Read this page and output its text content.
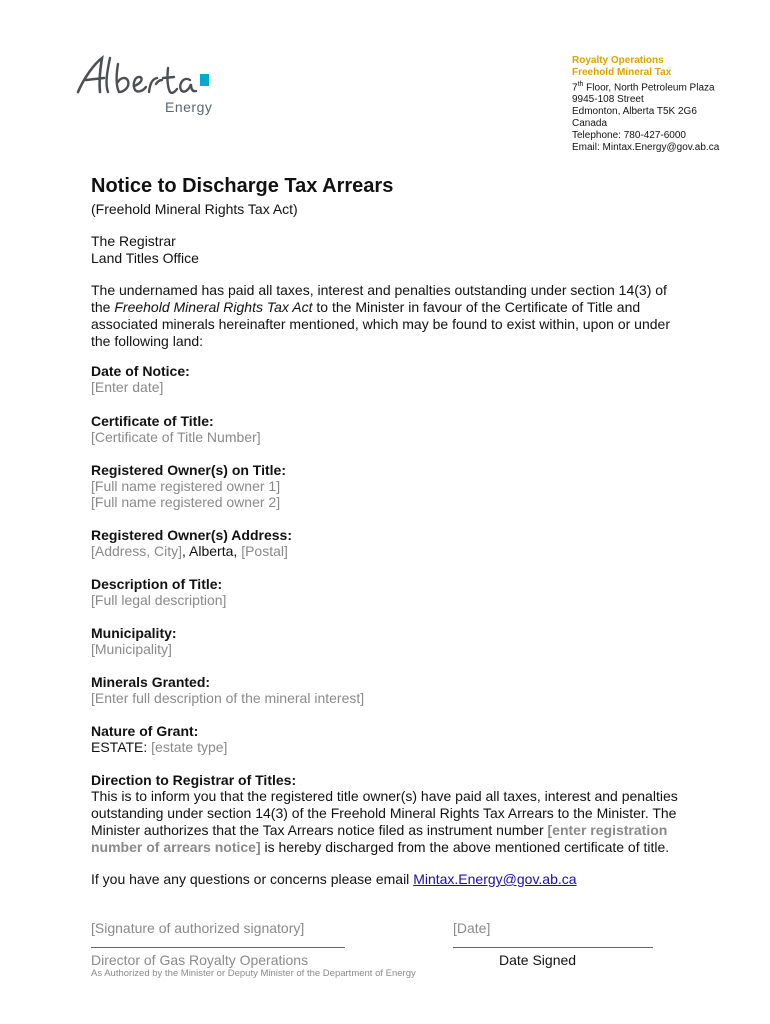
Energy
Royalty Operations
Freehold Mineral Tax
7th Floor, North Petroleum Plaza
9945-108 Street
Edmonton, Alberta T5K 2G6
Canada
Telephone: 780-427-6000
Email: Mintax.Energy@gov.ab.ca
Notice to Discharge Tax Arrears
(Freehold Mineral Rights Tax Act)
The Registrar
Land Titles Office
The undernamed has paid all taxes, interest and penalties outstanding under section 14(3) of
the Freehold Mineral Rights Tax Act to the Minister in favour of the Certificate of Title and
associated minerals hereinafter mentioned, which may be found to exist within, upon or under
the following land:
Date of Notice:
[Enter date]
Certificate of Title:
[Certificate of Title Number]
Registered Owner(s) on Title:
[Full name registered owner 1]
[Full name registered owner 2]
Registered Owner(s) Address:
[Address, City], Alberta, [Postal]
Description of Title:
[Full legal description]
Municipality:
[Municipality]
Minerals Granted:
[Enter full description of the mineral interest]
Nature of Grant:
ESTATE: [estate type]
Direction to Registrar of Titles:
This is to inform you that the registered title owner(s) have paid all taxes, interest and penalties
outstanding under section 14(3) of the Freehold Mineral Rights Tax Arrears to the Minister. The
Minister authorizes that the Tax Arrears notice filed as instrument number [enter registration
number of arrears notice] is hereby discharged from the above mentioned certificate of title.
If you have any questions or concerns please email Mintax.Energy@gov.ab.ca
[Signature of authorized signatory]
Director of Gas Royalty Operations
As Authorized by the Minister or Deputy Minister of the Department of Energy
[Date]
Date Signed
